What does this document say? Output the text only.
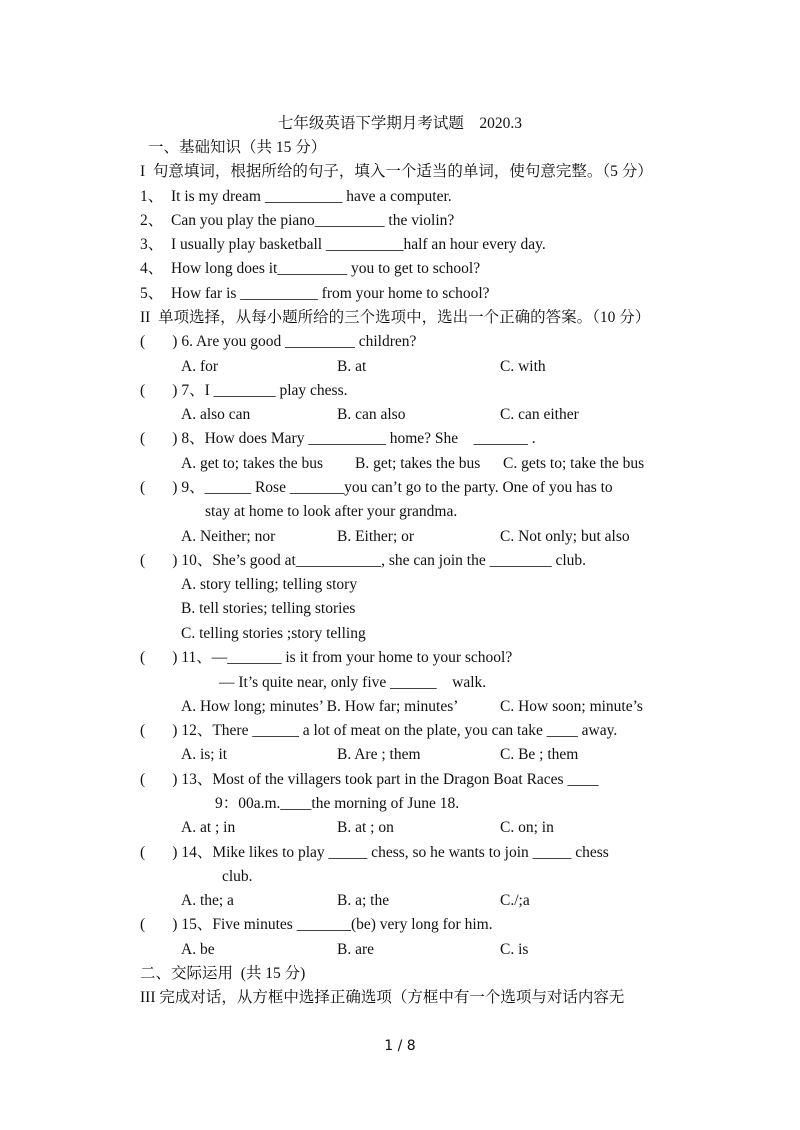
七年级英语下学期月考试题    2020.3
一、基础知识（共 15 分）
I  句意填词，根据所给的句子，填入一个适当的单词，使句意完整。（5 分）
1、  It is my dream __________ have a computer.
2、  Can you play the piano_________ the violin?
3、  I usually play basketball __________half an hour every day.
4、  How long does it_________ you to get to school?
5、  How far is __________ from your home to school?
II  单项选择，从每小题所给的三个选项中，选出一个正确的答案。（10 分）
(       ) 6. Are you good _________ children?
A. for	B. at	C. with
(       ) 7、I ________ play chess.
A. also can	B. can also	C. can either
(       ) 8、How does Mary __________ home? She    _______ .
A. get to; takes the bus B. get; takes the bus C. gets to; take the bus
(       ) 9、______ Rose _______you can’t go to the party. One of you has to
stay at home to look after your grandma.
A. Neither; nor	B. Either; or	C. Not only; but also
(       ) 10、She’s good at___________, she can join the ________ club.
A. story telling; telling story
B. tell stories; telling stories
C. telling stories ;story telling
(       ) 11、—_______ is it from your home to your school?
— It’s quite near, only five ______    walk.
A. How long; minutes’ B. How far; minutes’	C. How soon; minute’s
(       ) 12、There ______ a lot of meat on the plate, you can take ____ away.
A. is; it	B. Are ; them	C. Be ; them
(       ) 13、Most of the villagers took part in the Dragon Boat Races ____
9：00a.m.____the morning of June 18.
A. at ; in	B. at ; on	C. on; in
(       ) 14、Mike likes to play _____ chess, so he wants to join _____ chess
club.
A. the; a	B. a; the	C./;a
(       ) 15、Five minutes _______(be) very long for him.
A. be	B. are	C. is
二、交际运用  (共 15 分)
III 完成对话，从方框中选择正确选项（方框中有一个选项与对话内容无
1 / 8
